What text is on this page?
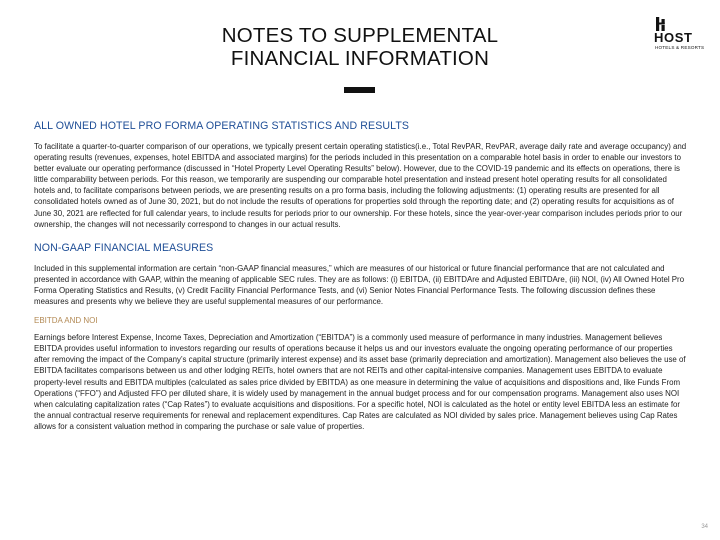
NOTES TO SUPPLEMENTAL
FINANCIAL INFORMATION
HOST
HOTELS & RESORTS
ALL OWNED HOTEL PRO FORMA OPERATING STATISTICS AND RESULTS

To facilitate a quarter-to-quarter comparison of our operations, we typically present certain operating statistics(i.e., Total RevPAR, RevPAR, average daily rate and average occupancy) and operating results (revenues, expenses, hotel EBITDA and associated margins) for the periods included in this presentation on a comparable hotel basis in order to enable our investors to better evaluate our operating performance (discussed in “Hotel Property Level Operating Results” below). However, due to the COVID-19 pandemic and its effects on operations, there is little comparability between periods. For this reason, we temporarily are suspending our comparable hotel presentation and instead present hotel operating results for all consolidated hotels and, to facilitate comparisons between periods, we are presenting results on a pro forma basis, including the following adjustments: (1) operating results are presented for all consolidated hotels owned as of June 30, 2021, but do not include the results of operations for properties sold through the reporting date; and (2) operating results for acquisitions as of June 30, 2021 are reflected for full calendar years, to include results for periods prior to our ownership. For these hotels, since the year-over-year comparison includes periods prior to our ownership, the changes will not necessarily correspond to changes in our actual results.

NON-GAAP FINANCIAL MEASURES

Included in this supplemental information are certain “non-GAAP financial measures,” which are measures of our historical or future financial performance that are not calculated and presented in accordance with GAAP, within the meaning of applicable SEC rules. They are as follows: (i) EBITDA, (ii) EBITDAre and Adjusted EBITDAre, (iii) NOI, (iv) All Owned Hotel Pro Forma Operating Statistics and Results, (v) Credit Facility Financial Performance Tests, and (vi) Senior Notes Financial Performance Tests. The following discussion defines these measures and presents why we believe they are useful supplemental measures of our performance.

EBITDA AND NOI

Earnings before Interest Expense, Income Taxes, Depreciation and Amortization (“EBITDA”) is a commonly used measure of performance in many industries. Management believes EBITDA provides useful information to investors regarding our results of operations because it helps us and our investors evaluate the ongoing operating performance of our properties after removing the impact of the Company’s capital structure (primarily interest expense) and its asset base (primarily depreciation and amortization). Management also believes the use of EBITDA facilitates comparisons between us and other lodging REITs, hotel owners that are not REITs and other capital-intensive companies. Management uses EBITDA to evaluate property-level results and EBITDA multiples (calculated as sales price divided by EBITDA) as one measure in determining the value of acquisitions and dispositions and, like Funds From Operations (“FFO”) and Adjusted FFO per diluted share, it is widely used by management in the annual budget process and for our compensation programs. Management also uses NOI when calculating capitalization rates (“Cap Rates”) to evaluate acquisitions and dispositions. For a specific hotel, NOI is calculated as the hotel or entity level EBITDA less an estimate for the annual contractual reserve requirements for renewal and replacement expenditures. Cap Rates are calculated as NOI divided by sales price. Management believes using Cap Rates allows for a consistent valuation method in comparing the purchase or sale value of properties.

34
